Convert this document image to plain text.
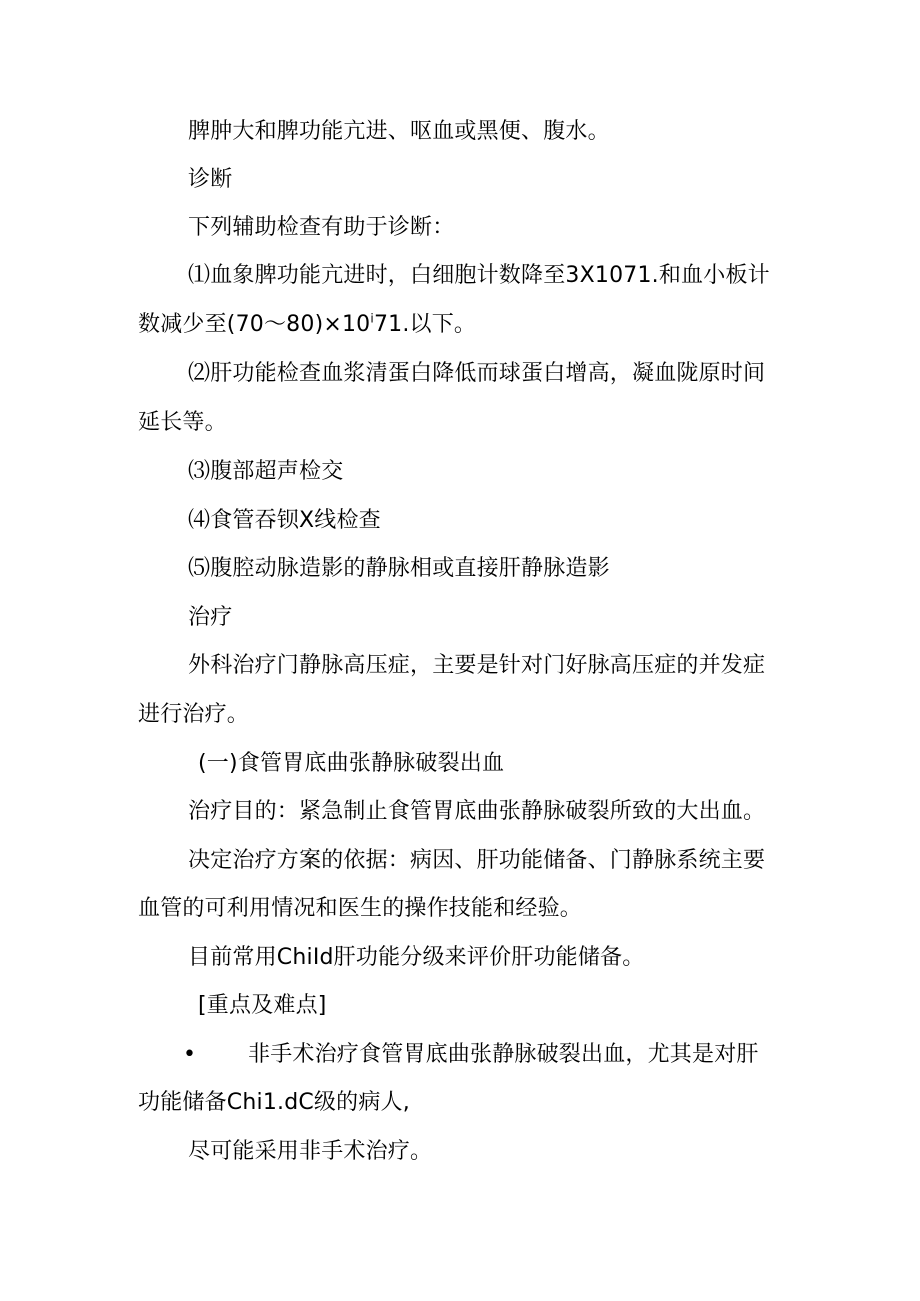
脾肿大和脾功能亢进、呕血或黑便、腹水。
诊断
下列辅助检查有助于诊断：
⑴血象脾功能亢进时，白细胞计数降至3X1071.和血小板计
数减少至(70〜$80)\times 10^i71$.以下。
⑵肝功能检查血浆清蛋白降低而球蛋白增高，凝血陇原时间
延长等。
⑶腹部超声检交
⑷食管吞钡X线检查
⑸腹腔动脉造影的静脉相或直接肝静脉造影
治疗
外科治疗门静脉高压症，主要是针对门好脉高压症的并发症
进行治疗。
(一)食管胃底曲张静脉破裂出血
治疗目的：紧急制止食管胃底曲张静脉破裂所致的大出血。
决定治疗方案的依据：病因、肝功能储备、门静脉系统主要
血管的可利用情况和医生的操作技能和经验。
目前常用ChiId肝功能分级来评价肝功能储备。
[重点及难点]
• 非手术治疗食管胃底曲张静脉破裂出血，尤其是对肝
功能储备Chi1.dC级的病人,
尽可能采用非手术治疗。
